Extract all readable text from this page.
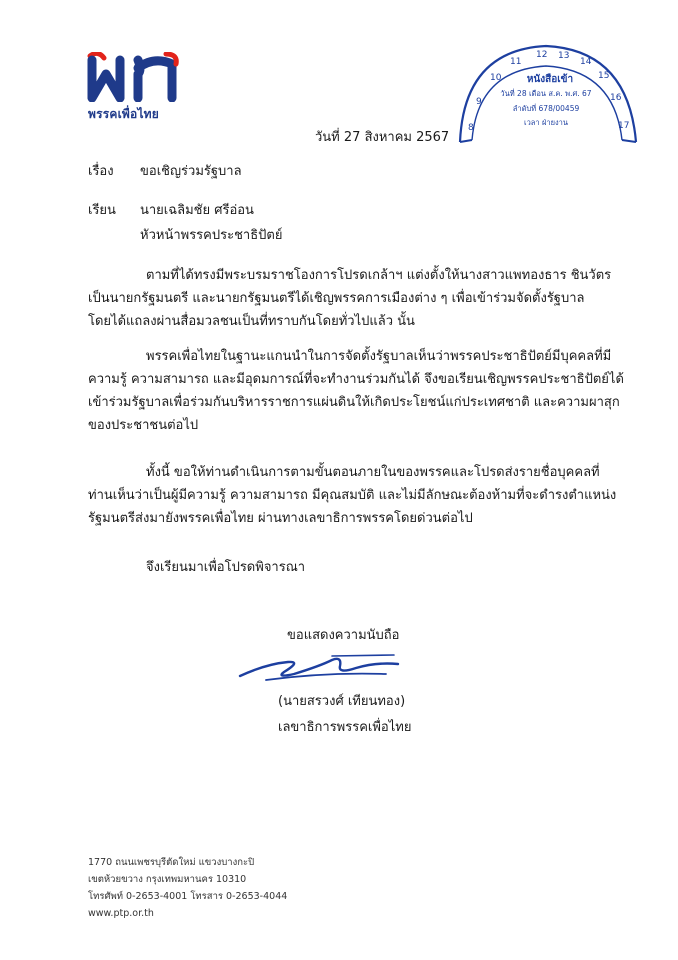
พรรคเพื่อไทย
8
9
10
11
12 13
14
15
16
17
หนังสือเข้า
วันที่ 28 เดือน ส.ค. พ.ศ. 67
ลำดับที่ 678/00459
เวลา ฝ่ายงาน
วันที่ 27 สิงหาคม 2567
เรื่อง ขอเชิญร่วมรัฐบาล
เรียน นายเฉลิมชัย ศรีอ่อน
หัวหน้าพรรคประชาธิปัตย์

ตามที่ได้ทรงมีพระบรมราชโองการโปรดเกล้าฯ แต่งตั้งให้นางสาวแพทองธาร ชินวัตร

เป็นนายกรัฐมนตรี และนายกรัฐมนตรีได้เชิญพรรคการเมืองต่าง ๆ เพื่อเข้าร่วมจัดตั้งรัฐบาล

โดยได้แถลงผ่านสื่อมวลชนเป็นที่ทราบกันโดยทั่วไปแล้ว นั้น

พรรคเพื่อไทยในฐานะแกนนำในการจัดตั้งรัฐบาลเห็นว่าพรรคประชาธิปัตย์มีบุคคลที่มี

ความรู้ ความสามารถ และมีอุดมการณ์ที่จะทำงานร่วมกันได้ จึงขอเรียนเชิญพรรคประชาธิปัตย์ได้

เข้าร่วมรัฐบาลเพื่อร่วมกันบริหารราชการแผ่นดินให้เกิดประโยชน์แก่ประเทศชาติ และความผาสุก

ของประชาชนต่อไป

ทั้งนี้ ขอให้ท่านดำเนินการตามขั้นตอนภายในของพรรคและโปรดส่งรายชื่อบุคคลที่

ท่านเห็นว่าเป็นผู้มีความรู้ ความสามารถ มีคุณสมบัติ และไม่มีลักษณะต้องห้ามที่จะดำรงตำแหน่ง

รัฐมนตรีส่งมายังพรรคเพื่อไทย ผ่านทางเลขาธิการพรรคโดยด่วนต่อไป

จึงเรียนมาเพื่อโปรดพิจารณา
ขอแสดงความนับถือ
(นายสรวงศ์ เทียนทอง)
เลขาธิการพรรคเพื่อไทย
1770 ถนนเพชรบุรีตัดใหม่ แขวงบางกะปิ
เขตห้วยขวาง กรุงเทพมหานคร 10310
โทรศัพท์ 0-2653-4001 โทรสาร 0-2653-4044
www.ptp.or.th
